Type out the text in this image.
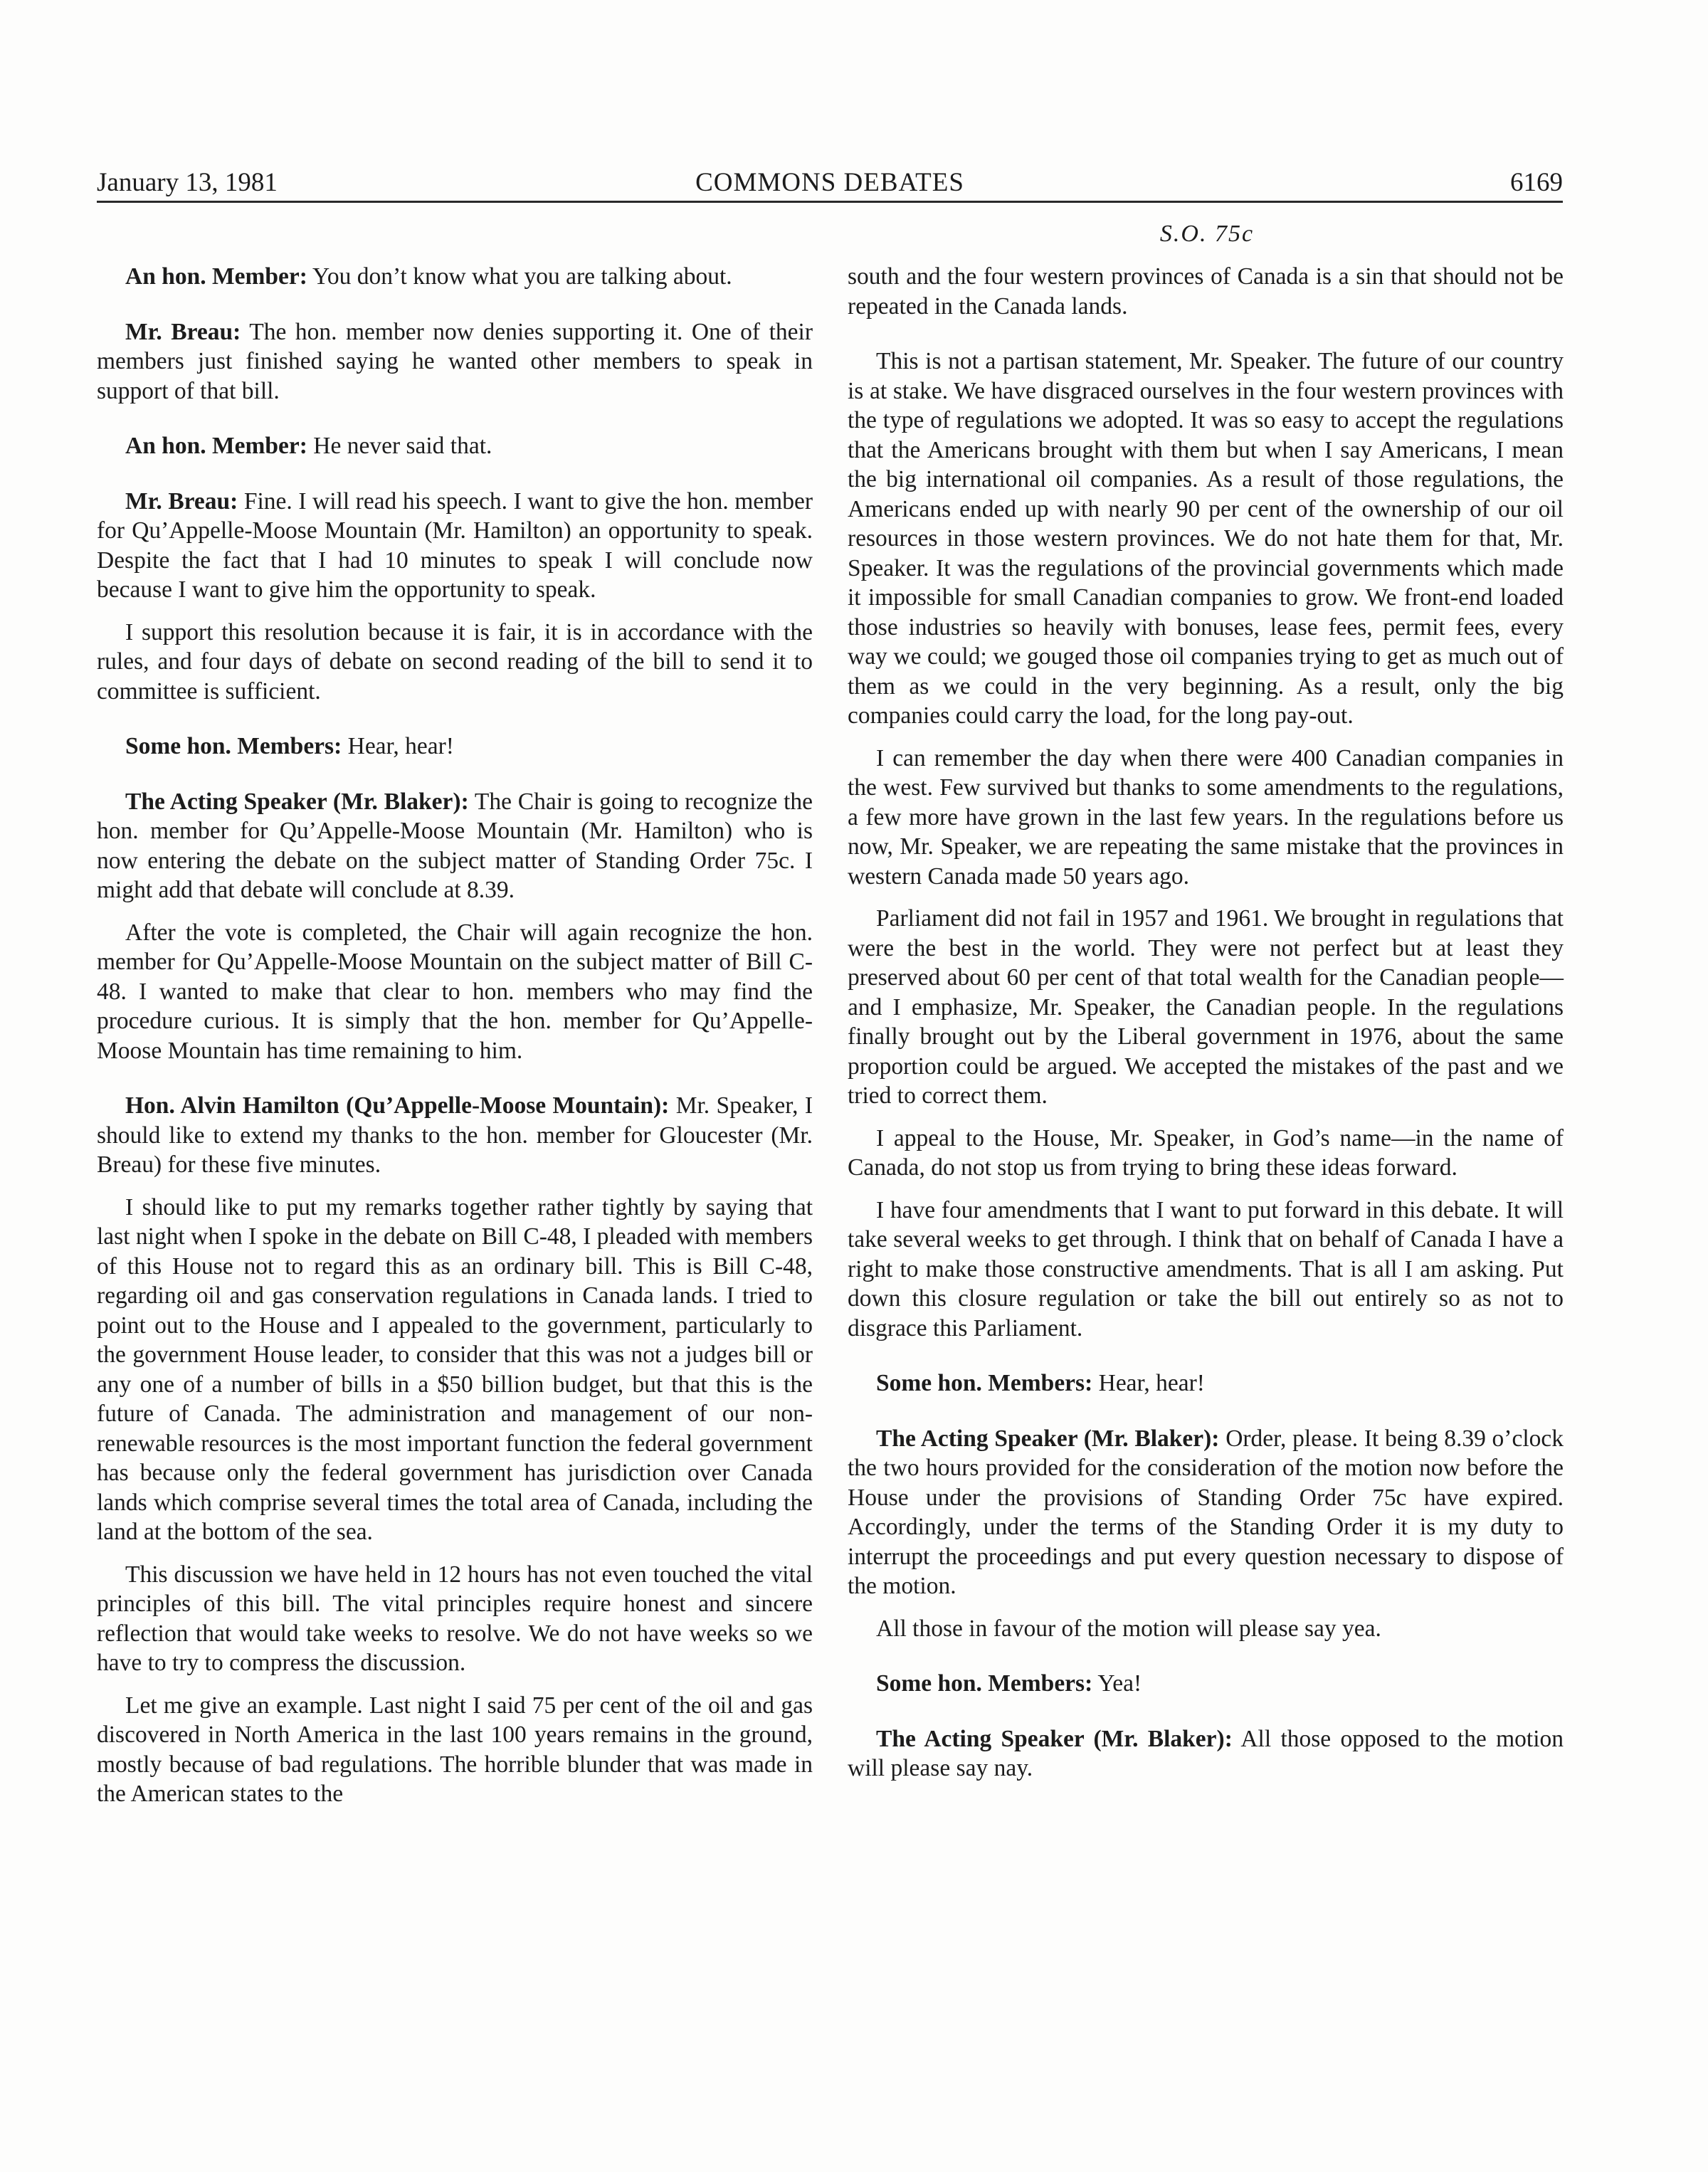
January 13, 1981	COMMONS DEBATES	6169
S.O. 75c

An hon. Member: You don’t know what you are talking about.

Mr. Breau: The hon. member now denies supporting it. One of their members just finished saying he wanted other members to speak in support of that bill.

An hon. Member: He never said that.

Mr. Breau: Fine. I will read his speech. I want to give the hon. member for Qu’Appelle-Moose Mountain (Mr. Hamilton) an opportunity to speak. Despite the fact that I had 10 minutes to speak I will conclude now because I want to give him the opportunity to speak.

I support this resolution because it is fair, it is in accordance with the rules, and four days of debate on second reading of the bill to send it to committee is sufficient.

Some hon. Members: Hear, hear!

The Acting Speaker (Mr. Blaker): The Chair is going to recognize the hon. member for Qu’Appelle-Moose Mountain (Mr. Hamilton) who is now entering the debate on the subject matter of Standing Order 75c. I might add that debate will conclude at 8.39.

After the vote is completed, the Chair will again recognize the hon. member for Qu’Appelle-Moose Mountain on the subject matter of Bill C-48. I wanted to make that clear to hon. members who may find the procedure curious. It is simply that the hon. member for Qu’Appelle-Moose Mountain has time remaining to him.

Hon. Alvin Hamilton (Qu’Appelle-Moose Mountain): Mr. Speaker, I should like to extend my thanks to the hon. member for Gloucester (Mr. Breau) for these five minutes.

I should like to put my remarks together rather tightly by saying that last night when I spoke in the debate on Bill C-48, I pleaded with members of this House not to regard this as an ordinary bill. This is Bill C-48, regarding oil and gas conservation regulations in Canada lands. I tried to point out to the House and I appealed to the government, particularly to the government House leader, to consider that this was not a judges bill or any one of a number of bills in a $50 billion budget, but that this is the future of Canada. The administration and management of our non-renewable resources is the most important function the federal government has because only the federal government has jurisdiction over Canada lands which comprise several times the total area of Canada, including the land at the bottom of the sea.

This discussion we have held in 12 hours has not even touched the vital principles of this bill. The vital principles require honest and sincere reflection that would take weeks to resolve. We do not have weeks so we have to try to compress the discussion.

Let me give an example. Last night I said 75 per cent of the oil and gas discovered in North America in the last 100 years remains in the ground, mostly because of bad regulations. The horrible blunder that was made in the American states to the

south and the four western provinces of Canada is a sin that should not be repeated in the Canada lands.

This is not a partisan statement, Mr. Speaker. The future of our country is at stake. We have disgraced ourselves in the four western provinces with the type of regulations we adopted. It was so easy to accept the regulations that the Americans brought with them but when I say Americans, I mean the big international oil companies. As a result of those regulations, the Americans ended up with nearly 90 per cent of the ownership of our oil resources in those western provinces. We do not hate them for that, Mr. Speaker. It was the regulations of the provincial governments which made it impossible for small Canadian companies to grow. We front-end loaded those industries so heavily with bonuses, lease fees, permit fees, every way we could; we gouged those oil companies trying to get as much out of them as we could in the very beginning. As a result, only the big companies could carry the load, for the long pay-out.

I can remember the day when there were 400 Canadian companies in the west. Few survived but thanks to some amendments to the regulations, a few more have grown in the last few years. In the regulations before us now, Mr. Speaker, we are repeating the same mistake that the provinces in western Canada made 50 years ago.

Parliament did not fail in 1957 and 1961. We brought in regulations that were the best in the world. They were not perfect but at least they preserved about 60 per cent of that total wealth for the Canadian people—and I emphasize, Mr. Speaker, the Canadian people. In the regulations finally brought out by the Liberal government in 1976, about the same proportion could be argued. We accepted the mistakes of the past and we tried to correct them.

I appeal to the House, Mr. Speaker, in God’s name—in the name of Canada, do not stop us from trying to bring these ideas forward.

I have four amendments that I want to put forward in this debate. It will take several weeks to get through. I think that on behalf of Canada I have a right to make those constructive amendments. That is all I am asking. Put down this closure regulation or take the bill out entirely so as not to disgrace this Parliament.

Some hon. Members: Hear, hear!

The Acting Speaker (Mr. Blaker): Order, please. It being 8.39 o’clock the two hours provided for the consideration of the motion now before the House under the provisions of Standing Order 75c have expired. Accordingly, under the terms of the Standing Order it is my duty to interrupt the proceedings and put every question necessary to dispose of the motion.

All those in favour of the motion will please say yea.

Some hon. Members: Yea!

The Acting Speaker (Mr. Blaker): All those opposed to the motion will please say nay.
